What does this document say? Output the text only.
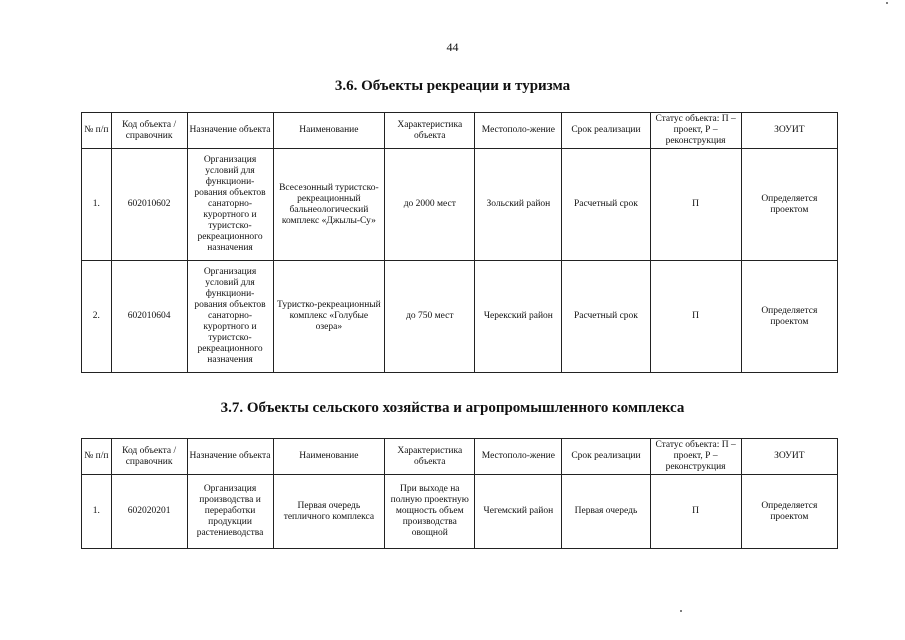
44
3.6. Объекты рекреации и туризма
№ п/п	Код объекта / справочник	Назначение объекта	Наименование	Характеристика объекта	Местополо-жение	Срок реализации	Статус объекта: П – проект, Р – реконструкция	ЗОУИТ
1.	602010602	Организация условий для функциони-рования объектов санаторно-курортного и туристско-рекреационного назначения	Всесезонный туристско-рекреационный бальнеологический комплекс «Джылы-Су»	до 2000 мест	Зольский район	Расчетный срок	П	Определяется проектом
2.	602010604	Организация условий для функциони-рования объектов санаторно-курортного и туристско-рекреационного назначения	Туристко-рекреационный комплекс «Голубые озера»	до 750 мест	Черекский район	Расчетный срок	П	Определяется проектом
3.7. Объекты сельского хозяйства и агропромышленного комплекса
№ п/п	Код объекта / справочник	Назначение объекта	Наименование	Характеристика объекта	Местополо-жение	Срок реализации	Статус объекта: П – проект, Р – реконструкция	ЗОУИТ
1.	602020201	Организация производства и переработки продукции растениеводства	Первая очередь тепличного комплекса	При выходе на полную проектную мощность объем производства овощной	Чегемский район	Первая очередь	П	Определяется проектом
